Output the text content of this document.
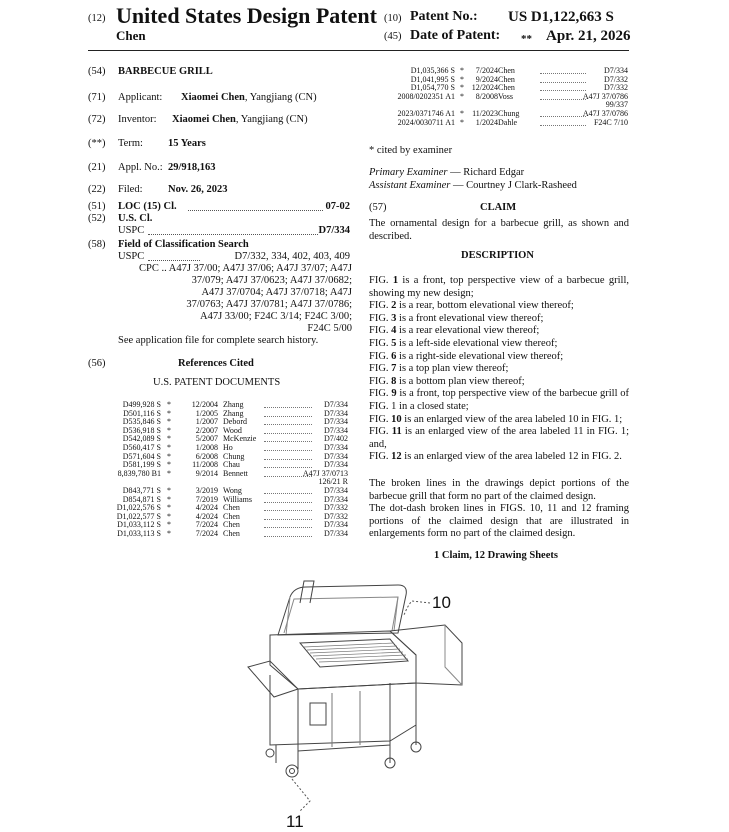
(12) United States Design Patent
Chen
(10) Patent No.: US D1,122,663 S
(45) Date of Patent: ** Apr. 21, 2026
(54)	BARBECUE GRILL
(71)	Applicant: Xiaomei Chen, Yangjiang (CN)
(72)	Inventor: Xiaomei Chen, Yangjiang (CN)
(**)	Term: 15 Years
(21)	Appl. No.: 29/918,163
(22)	Filed: Nov. 26, 2023
(51)	LOC (15) Cl.	07-02
(52)	U.S. Cl.
USPC	D7/334
(58)	Field of Classification Search
USPC	D7/332, 334, 402, 403, 409
CPC .. A47J 37/00; A47J 37/06; A47J 37/07; A47J
37/079; A47J 37/0623; A47J 37/0682;
A47J 37/0704; A47J 37/0718; A47J
37/0763; A47J 37/0781; A47J 37/0786;
A47J 33/00; F24C 3/14; F24C 3/00;
F24C 5/00
See application file for complete search history.
(56)	References Cited
U.S. PATENT DOCUMENTS
D499,928 S *	12/2004 Zhang	D7/334
D501,116 S *	1/2005 Zhang	D7/334
D535,846 S *	1/2007 Debord	D7/334
D536,918 S *	2/2007 Wood	D7/334
D542,089 S *	5/2007 McKenzie	D7/402
D560,417 S *	1/2008 Ho	D7/334
D571,604 S *	6/2008 Chung	D7/334
D581,199 S *	11/2008 Chau	D7/334
8,839,780 B1 *	9/2014 Bennett	A47J 37/0713
126/21 R
D843,771 S *	3/2019 Wong	D7/334
D854,871 S *	7/2019 Williams	D7/334
D1,022,576 S *	4/2024 Chen	D7/332
D1,022,577 S *	4/2024 Chen	D7/332
D1,033,112 S *	7/2024 Chen	D7/334
D1,033,113 S *	7/2024 Chen	D7/334
D1,035,366 S * 7/2024 Chen	D7/334
D1,041,995 S * 9/2024 Chen	D7/332
D1,054,770 S * 12/2024 Chen	D7/332
2008/0202351 A1 * 8/2008 Voss	A47J 37/0786
99/337
2023/0371746 A1 * 11/2023 Chung	A47J 37/0786
2024/0030711 A1 * 1/2024 Dahle	F24C 7/10
* cited by examiner
Primary Examiner — Richard Edgar
Assistant Examiner — Courtney J Clark-Rasheed
(57)	CLAIM
The ornamental design for a barbecue grill, as shown and described.
DESCRIPTION
FIG. 1 is a front, top perspective view of a barbecue grill, showing my new design;
FIG. 2 is a rear, bottom elevational view thereof;
FIG. 3 is a front elevational view thereof;
FIG. 4 is a rear elevational view thereof;
FIG. 5 is a left-side elevational view thereof;
FIG. 6 is a right-side elevational view thereof;
FIG. 7 is a top plan view thereof;
FIG. 8 is a bottom plan view thereof;
FIG. 9 is a front, top perspective view of the barbecue grill of FIG. 1 in a closed state;
FIG. 10 is an enlarged view of the area labeled 10 in FIG. 1;
FIG. 11 is an enlarged view of the area labeled 11 in FIG. 1; and,
FIG. 12 is an enlarged view of the area labeled 12 in FIG. 2.
The broken lines in the drawings depict portions of the barbecue grill that form no part of the claimed design.
The dot-dash broken lines in FIGS. 10, 11 and 12 framing portions of the claimed design that are illustrated in enlargements form no part of the claimed design.
1 Claim, 12 Drawing Sheets
10
11
